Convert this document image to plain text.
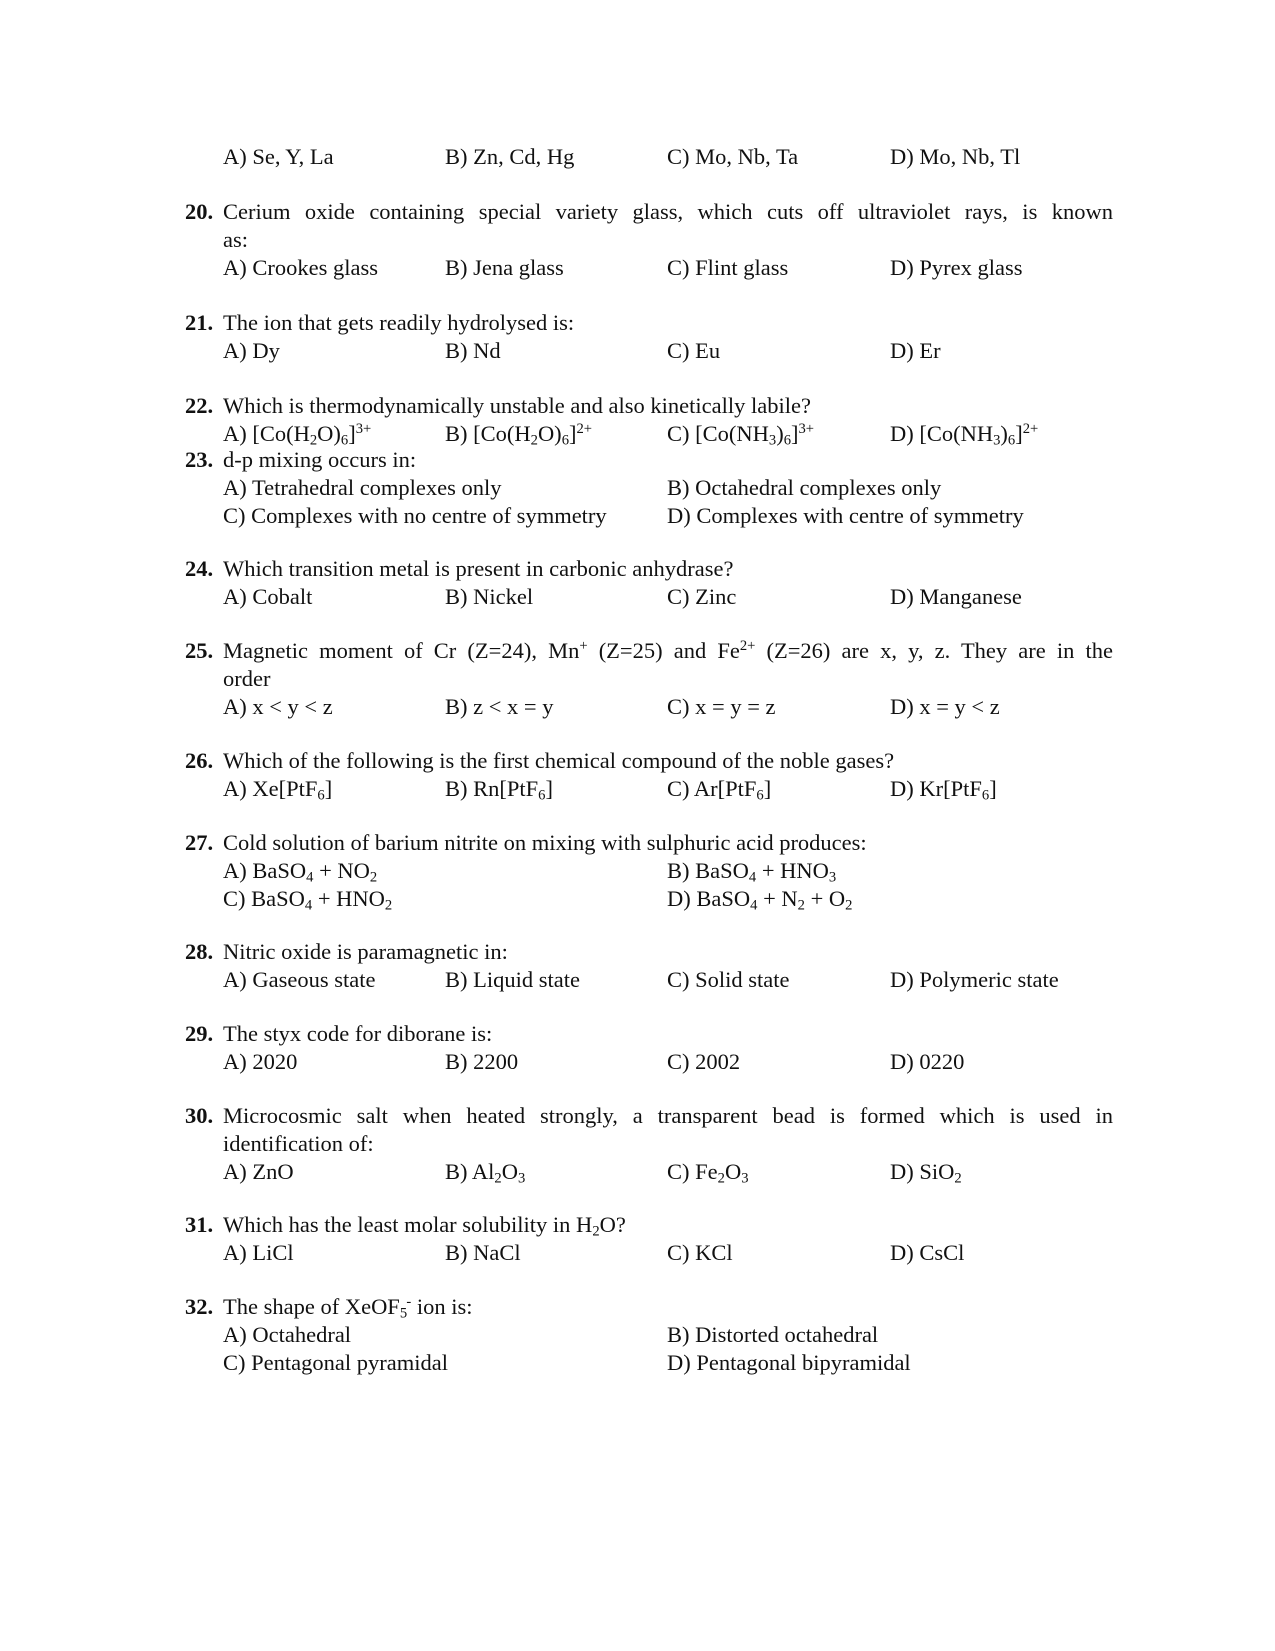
A) Se, Y, La	B) Zn, Cd, Hg	C) Mo, Nb, Ta	D) Mo, Nb, Tl
20. Cerium oxide containing special variety glass, which cuts off ultraviolet rays, is known
as:
A) Crookes glass	B) Jena glass	C) Flint glass	D) Pyrex glass
21. The ion that gets readily hydrolysed is:
A) Dy	B) Nd	C) Eu	D) Er
22. Which is thermodynamically unstable and also kinetically labile?
A) $[Co(H_2O)_6]^{3+}$	B) $[Co(H_2O)_6]^{2+}$	C) $[Co(NH_3)_6]^{3+}$	D) $[Co(NH_3)_6]^{2+}$
23. d-p mixing occurs in:
A) Tetrahedral complexes only	B) Octahedral complexes only
C) Complexes with no centre of symmetry	D) Complexes with centre of symmetry
24. Which transition metal is present in carbonic anhydrase?
A) Cobalt	B) Nickel	C) Zinc	D) Manganese
25. Magnetic moment of Cr (Z=24), Mn+ (Z=25) and $Fe^{2+}$ (Z=26) are x, y, z. They are in the
order
A) x < y < z	B) z < x = y	C) x = y = z	D) x = y < z
26. Which of the following is the first chemical compound of the noble gases?
A) Xe[PtF$_6$]	B) Rn[PtF$_6$]	C) Ar[PtF$_6$]	D) Kr[PtF$_6$]
27. Cold solution of barium nitrite on mixing with sulphuric acid produces:
A) BaSO$_4$ + $NO_2$	B) BaSO$_4$ + $HNO_3$
C) BaSO$_4$ + $HNO_2$	D) BaSO$_4$ + $N_2 + O_2$
28. Nitric oxide is paramagnetic in:
A) Gaseous state	B) Liquid state	C) Solid state	D) Polymeric state
29. The styx code for diborane is:
A) 2020	B) 2200	C) 2002	D) 0220
30. Microcosmic salt when heated strongly, a transparent bead is formed which is used in
identification of:
A) ZnO	B) $Al_2O_3$	C) $Fe_2O_3$	D) SiO$_2$
31. Which has the least molar solubility in $H_2O$?
A) LiCl	B) NaCl	C) KCl	D) CsCl
32. The shape of XeOF$_5$- ion is:
A) Octahedral	B) Distorted octahedral
C) Pentagonal pyramidal	D) Pentagonal bipyramidal
